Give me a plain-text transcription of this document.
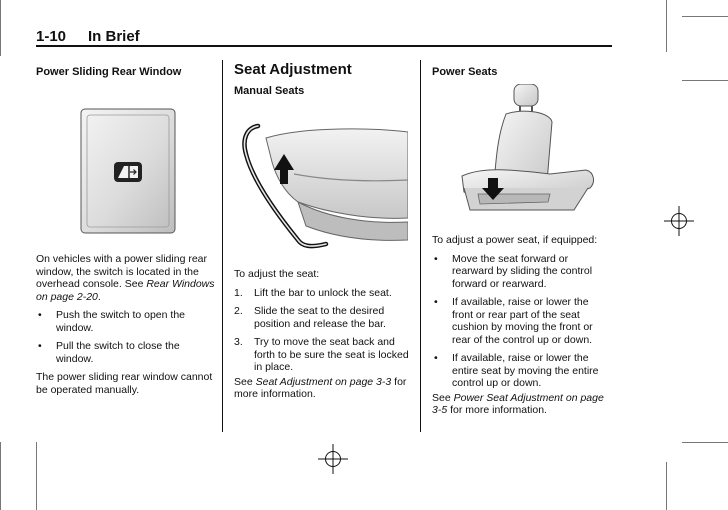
1-10 In Brief
Power Sliding Rear Window

On vehicles with a power sliding rear window, the switch is located in the overhead console. See Rear Windows on page 2-20.

• Push the switch to open the window.
• Pull the switch to close the window.

The power sliding rear window cannot be operated manually.

Seat Adjustment
Manual Seats

To adjust the seat:

1. Lift the bar to unlock the seat.
2. Slide the seat to the desired position and release the bar.
3. Try to move the seat back and forth to be sure the seat is locked in place.

See Seat Adjustment on page 3-3 for more information.

Power Seats

To adjust a power seat, if equipped:

• Move the seat forward or rearward by sliding the control forward or rearward.
• If available, raise or lower the front or rear part of the seat cushion by moving the front or rear of the control up or down.
• If available, raise or lower the entire seat by moving the entire control up or down.

See Power Seat Adjustment on page 3-5 for more information.
